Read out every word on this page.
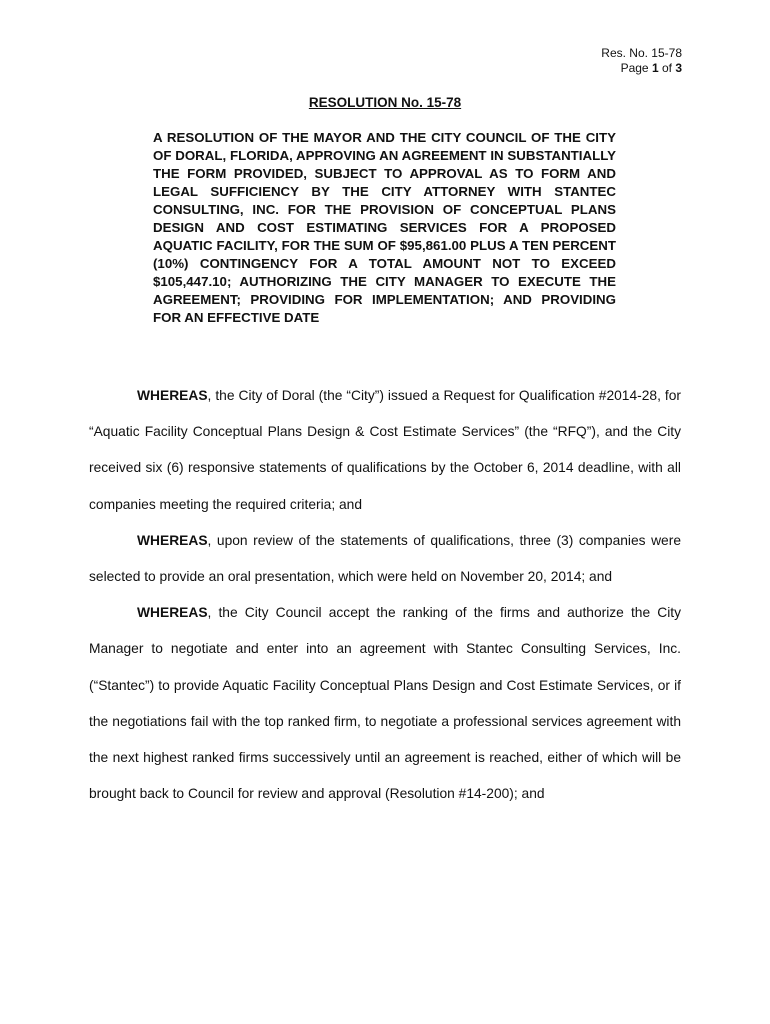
Res. No. 15-78
Page 1 of 3
RESOLUTION No. 15-78
A RESOLUTION OF THE MAYOR AND THE CITY COUNCIL OF THE CITY OF DORAL, FLORIDA, APPROVING AN AGREEMENT IN SUBSTANTIALLY THE FORM PROVIDED, SUBJECT TO APPROVAL AS TO FORM AND LEGAL SUFFICIENCY BY THE CITY ATTORNEY WITH STANTEC CONSULTING, INC. FOR THE PROVISION OF CONCEPTUAL PLANS DESIGN AND COST ESTIMATING SERVICES FOR A PROPOSED AQUATIC FACILITY, FOR THE SUM OF $95,861.00 PLUS A TEN PERCENT (10%) CONTINGENCY FOR A TOTAL AMOUNT NOT TO EXCEED $105,447.10; AUTHORIZING THE CITY MANAGER TO EXECUTE THE AGREEMENT; PROVIDING FOR IMPLEMENTATION; AND PROVIDING FOR AN EFFECTIVE DATE

WHEREAS, the City of Doral (the “City”) issued a Request for Qualification #2014-28, for “Aquatic Facility Conceptual Plans Design & Cost Estimate Services” (the “RFQ”), and the City received six (6) responsive statements of qualifications by the October 6, 2014 deadline, with all companies meeting the required criteria; and

WHEREAS, upon review of the statements of qualifications, three (3) companies were selected to provide an oral presentation, which were held on November 20, 2014; and

WHEREAS, the City Council accept the ranking of the firms and authorize the City Manager to negotiate and enter into an agreement with Stantec Consulting Services, Inc. (“Stantec”) to provide Aquatic Facility Conceptual Plans Design and Cost Estimate Services, or if the negotiations fail with the top ranked firm, to negotiate a professional services agreement with the next highest ranked firms successively until an agreement is reached, either of which will be brought back to Council for review and approval (Resolution #14-200); and
